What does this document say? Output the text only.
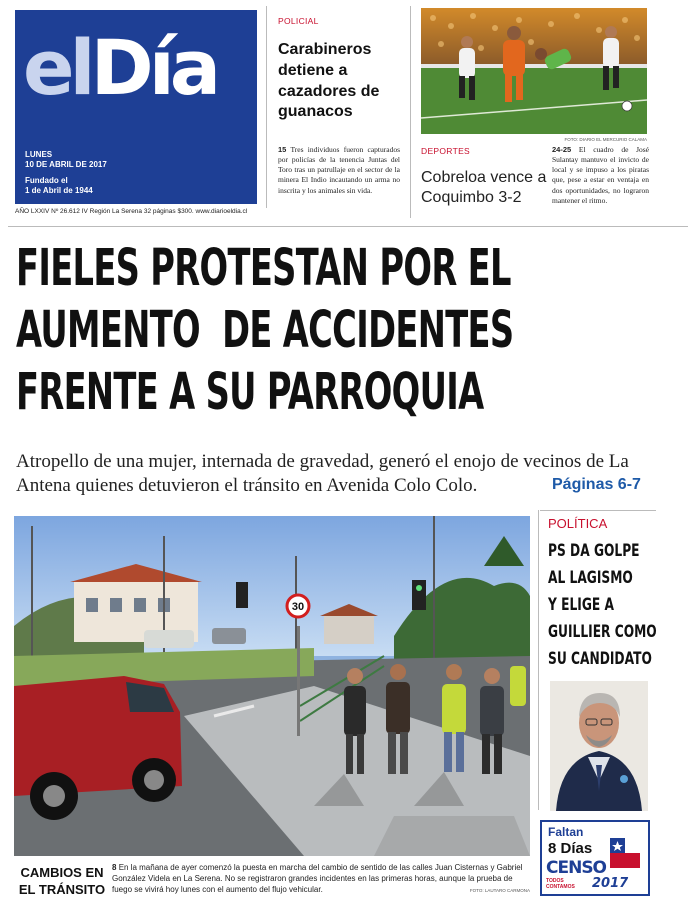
elDía
LUNES
10 DE ABRIL DE 2017
Fundado el
1 de Abril de 1944
AÑO LXXIV Nº 26.612 IV Región La Serena 32 páginas $300. www.diarioeldia.cl
POLICIAL
Carabineros
detiene a
cazadores de
guanacos
15 Tres individuos fueron capturados por policías de la tenencia Juntas del Toro tras un patrullaje en el sector de la minera El Indio incautando un arma no inscrita y los animales sin vida.
FOTO: DIARIO EL MERCURIO CALAMA
DEPORTES
Cobreloa vence a
Coquimbo 3-2
24-25 El cuadro de José Sulantay mantuvo el invicto de local y se impuso a los piratas que, pese a estar en ventaja en dos oportunidades, no lograron mantener el ritmo.
FIELES PROTESTAN POR EL
AUMENTO  DE ACCIDENTES
FRENTE A SU PARROQUIA
Atropello de una mujer, internada de gravedad, generó el enojo de vecinos de La Antena quienes detuvieron el tránsito en Avenida Colo Colo.	Páginas 6-7
30
CAMBIOS EN
EL TRÁNSITO
8 En la mañana de ayer comenzó la puesta en marcha del cambio de sentido de las calles Juan Cisternas y Gabriel González Videla en La Serena. No se registraron grandes incidentes en las primeras horas, aunque la prueba de fuego se vivirá hoy lunes con el aumento del flujo vehicular.	FOTO: LAUTARO CARMONA
POLÍTICA
PS DA GOLPE
AL LAGISMO
Y ELIGE A
GUILLIER COMO
SU CANDIDATO
Faltan
8 Días
CENSO
TODOS
CONTAMOS 2017
